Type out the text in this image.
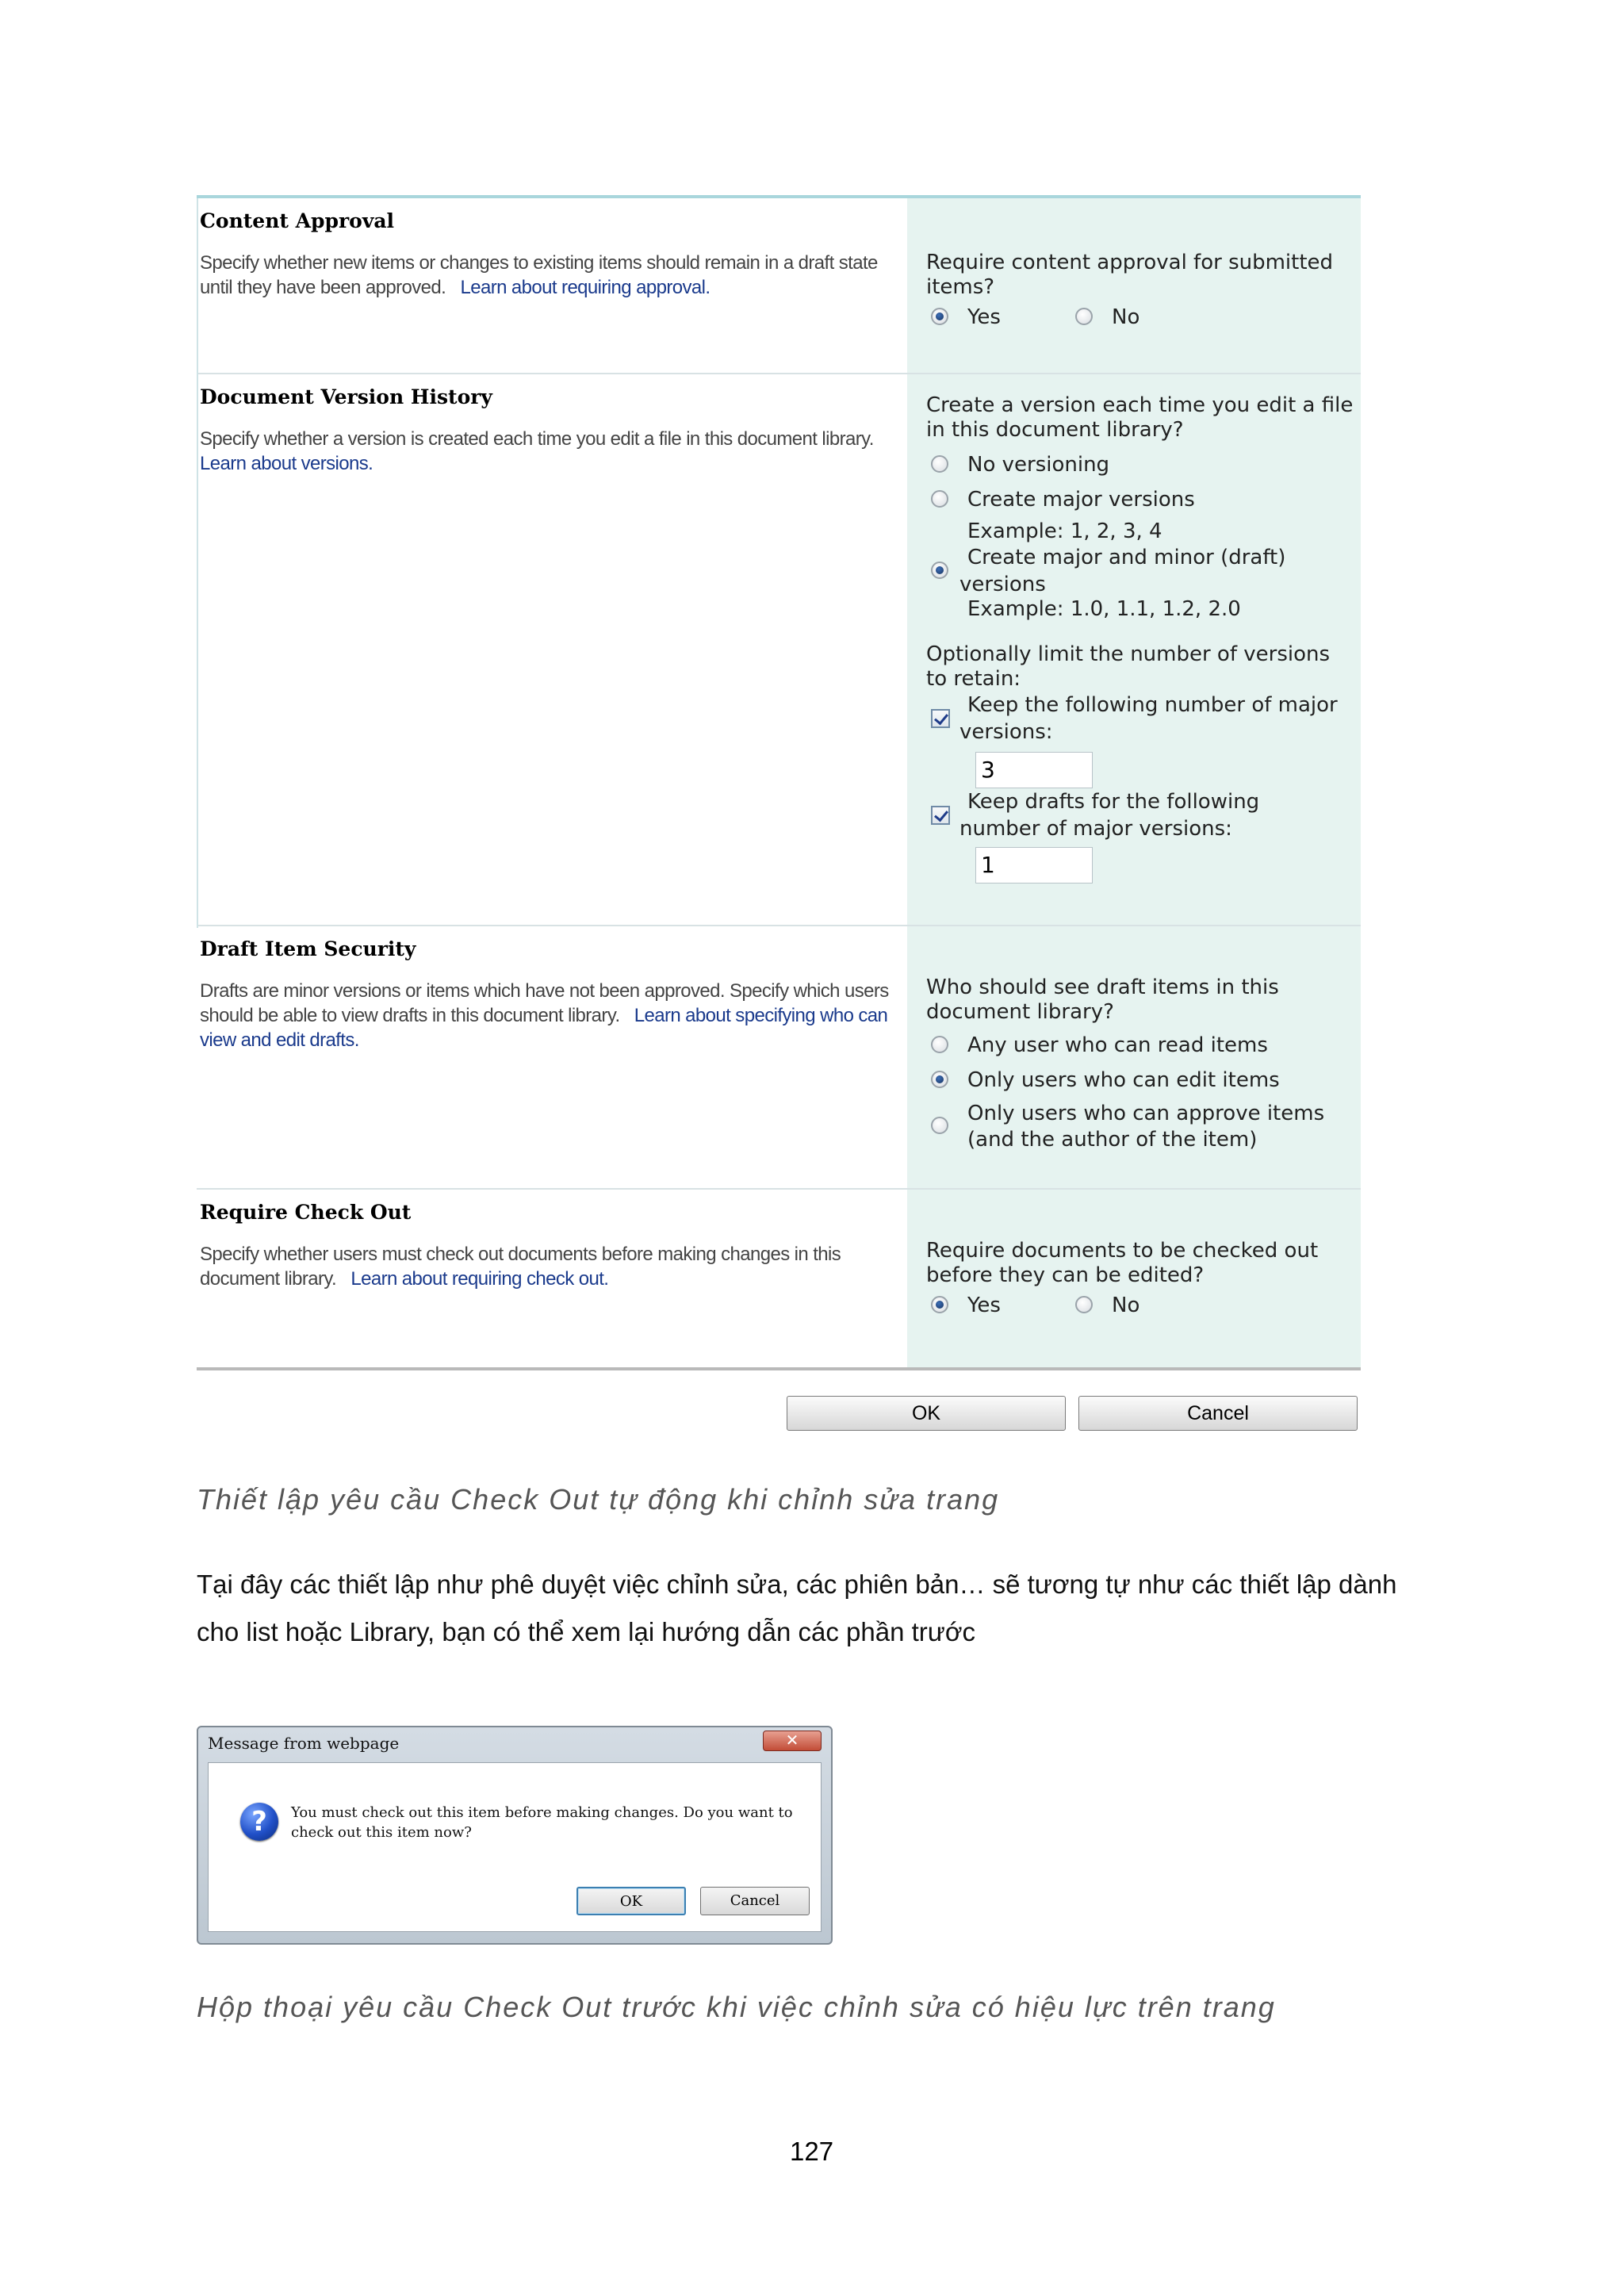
Content Approval
Specify whether new items or changes to existing items should remain in a draft state until they have been approved. Learn about requiring approval.
Require content approval for submitted items?
Yes	No
Document Version History
Specify whether a version is created each time you edit a file in this document library.   Learn about versions.
Create a version each time you edit a file in this document library?
No versioning
Create major versions
Example: 1, 2, 3, 4
Create major and minor (draft) versions
Example: 1.0, 1.1, 1.2, 2.0
Optionally limit the number of versions to retain:
Keep the following number of major versions:
3
Keep drafts for the following number of major versions:
1
Draft Item Security
Drafts are minor versions or items which have not been approved. Specify which users should be able to view drafts in this document library. Learn about specifying who can view and edit drafts.
Who should see draft items in this document library?
Any user who can read items
Only users who can edit items
Only users who can approve items (and the author of the item)
Require Check Out
Specify whether users must check out documents before making changes in this document library. Learn about requiring check out.
Require documents to be checked out before they can be edited?
Yes	No
OK	Cancel
Thiết lập yêu cầu Check Out tự động khi chỉnh sửa trang
Tại đây các thiết lập như phê duyệt việc chỉnh sửa, các phiên bản… sẽ tương tự như các thiết lập dành cho list hoặc Library, bạn có thể xem lại hướng dẫn các phần trước
Message from webpage	✕
?	You must check out this item before making changes. Do you want to check out this item now?
OK	Cancel
Hộp thoại yêu cầu Check Out trước khi việc chỉnh sửa có hiệu lực trên trang
127
